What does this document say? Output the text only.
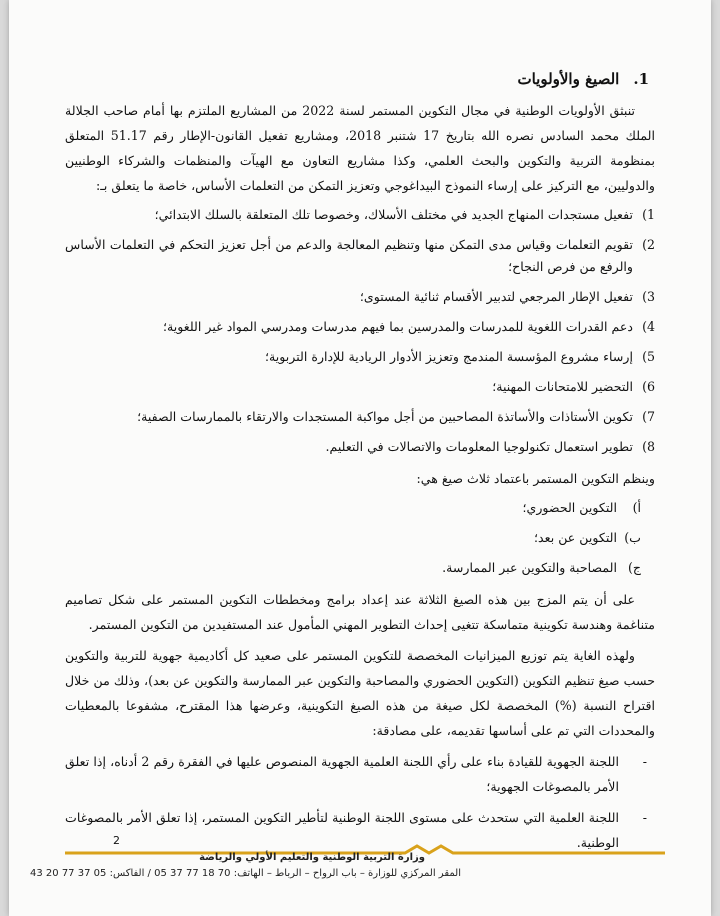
1.الصيغ والأولويات

تنبثق الأولويات الوطنية في مجال التكوين المستمر لسنة 2022 من المشاريع الملتزم بها أمام صاحب الجلالة الملك محمد السادس نصره الله بتاريخ 17 شتنبر 2018، ومشاريع تفعيل القانون-الإطار رقم 51.17 المتعلق بمنظومة التربية والتكوين والبحث العلمي، وكذا مشاريع التعاون مع الهيآت والمنظمات والشركاء الوطنيين والدوليين، مع التركيز على إرساء النموذج البيداغوجي وتعزيز التمكن من التعلمات الأساس، خاصة ما يتعلق بـ:

1)
تفعيل مستجدات المنهاج الجديد في مختلف الأسلاك، وخصوصا تلك المتعلقة بالسلك الابتدائي؛
2)
تقويم التعلمات وقياس مدى التمكن منها وتنظيم المعالجة والدعم من أجل تعزيز التحكم في التعلمات الأساس والرفع من فرص النجاح؛
3)
تفعيل الإطار المرجعي لتدبير الأقسام ثنائية المستوى؛
4)
دعم القدرات اللغوية للمدرسات والمدرسين بما فيهم مدرسات ومدرسي المواد غير اللغوية؛
5)
إرساء مشروع المؤسسة المندمج وتعزيز الأدوار الريادية للإدارة التربوية؛
6)
التحضير للامتحانات المهنية؛
7)
تكوين الأستاذات والأساتذة المصاحبين من أجل مواكبة المستجدات والارتقاء بالممارسات الصفية؛
8)
تطوير استعمال تكنولوجيا المعلومات والاتصالات في التعليم.

وينظم التكوين المستمر باعتماد ثلاث صيغ هي:

أ)
التكوين الحضوري؛
ب)
التكوين عن بعد؛
ج)
المصاحبة والتكوين عبر الممارسة.

على أن يتم المزج بين هذه الصيغ الثلاثة عند إعداد برامج ومخططات التكوين المستمر على شكل تصاميم متناغمة وهندسة تكوينية متماسكة تتغيى إحداث التطوير المهني المأمول عند المستفيدين من التكوين المستمر.

ولهذه الغاية يتم توزيع الميزانيات المخصصة للتكوين المستمر على صعيد كل أكاديمية جهوية للتربية والتكوين حسب صيغ تنظيم التكوين (التكوين الحضوري والمصاحبة والتكوين عبر الممارسة والتكوين عن بعد)، وذلك من خلال اقتراح النسبة (%) المخصصة لكل صيغة من هذه الصيغ التكوينية، وعرضها هذا المقترح، مشفوعا بالمعطيات والمحددات التي تم على أساسها تقديمه، على مصادقة:

-
اللجنة الجهوية للقيادة بناء على رأي اللجنة العلمية الجهوية المنصوص عليها في الفقرة رقم 2 أدناه، إذا تعلق الأمر بالمصوغات الجهوية؛
-
اللجنة العلمية التي ستحدث على مستوى اللجنة الوطنية لتأطير التكوين المستمر، إذا تعلق الأمر بالمصوغات الوطنية.
2
وزارة التربية الوطنية والتعليم الأولي والرياضة
المقر المركزي للوزارة – باب الرواح – الرباط – الهاتف: 70 18 77 37 05 / الفاكس: 05 37 77 20 43
